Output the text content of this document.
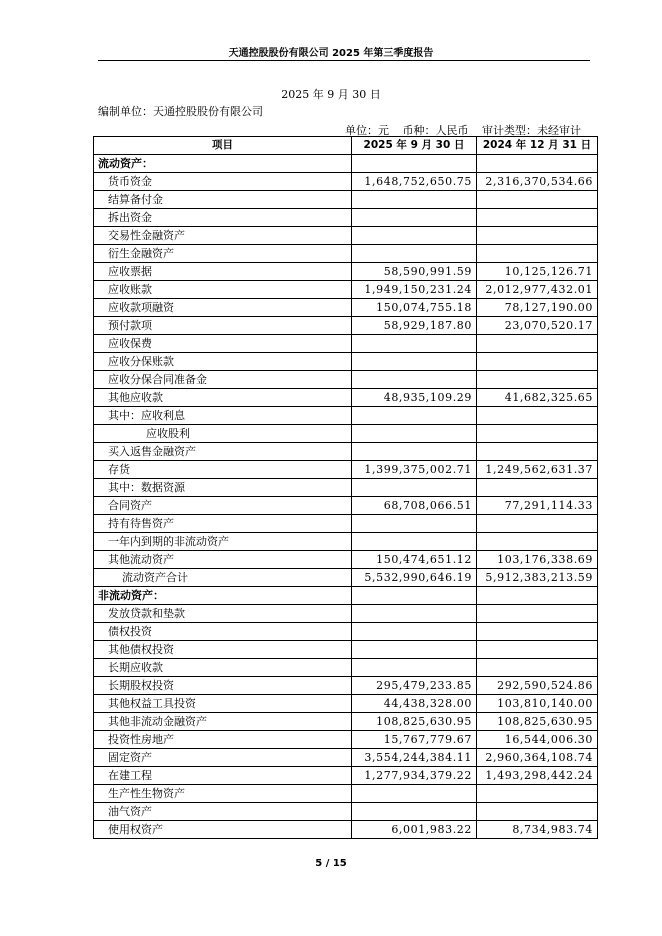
天通控股股份有限公司 2025 年第三季度报告
2025 年 9 月 30 日
编制单位：天通控股股份有限公司
单位：元 币种：人民币 审计类型：未经审计
项目	2025 年 9 月 30 日	2024 年 12 月 31 日
流动资产：		
货币资金	1,648,752,650.75	2,316,370,534.66
结算备付金		
拆出资金		
交易性金融资产		
衍生金融资产		
应收票据	58,590,991.59	10,125,126.71
应收账款	1,949,150,231.24	2,012,977,432.01
应收款项融资	150,074,755.18	78,127,190.00
预付款项	58,929,187.80	23,070,520.17
应收保费		
应收分保账款		
应收分保合同准备金		
其他应收款	48,935,109.29	41,682,325.65
其中：应收利息		
应收股利		
买入返售金融资产		
存货	1,399,375,002.71	1,249,562,631.37
其中：数据资源		
合同资产	68,708,066.51	77,291,114.33
持有待售资产		
一年内到期的非流动资产		
其他流动资产	150,474,651.12	103,176,338.69
流动资产合计	5,532,990,646.19	5,912,383,213.59
非流动资产：		
发放贷款和垫款		
债权投资		
其他债权投资		
长期应收款		
长期股权投资	295,479,233.85	292,590,524.86
其他权益工具投资	44,438,328.00	103,810,140.00
其他非流动金融资产	108,825,630.95	108,825,630.95
投资性房地产	15,767,779.67	16,544,006.30
固定资产	3,554,244,384.11	2,960,364,108.74
在建工程	1,277,934,379.22	1,493,298,442.24
生产性生物资产		
油气资产		
使用权资产	6,001,983.22	8,734,983.74
5 / 15
